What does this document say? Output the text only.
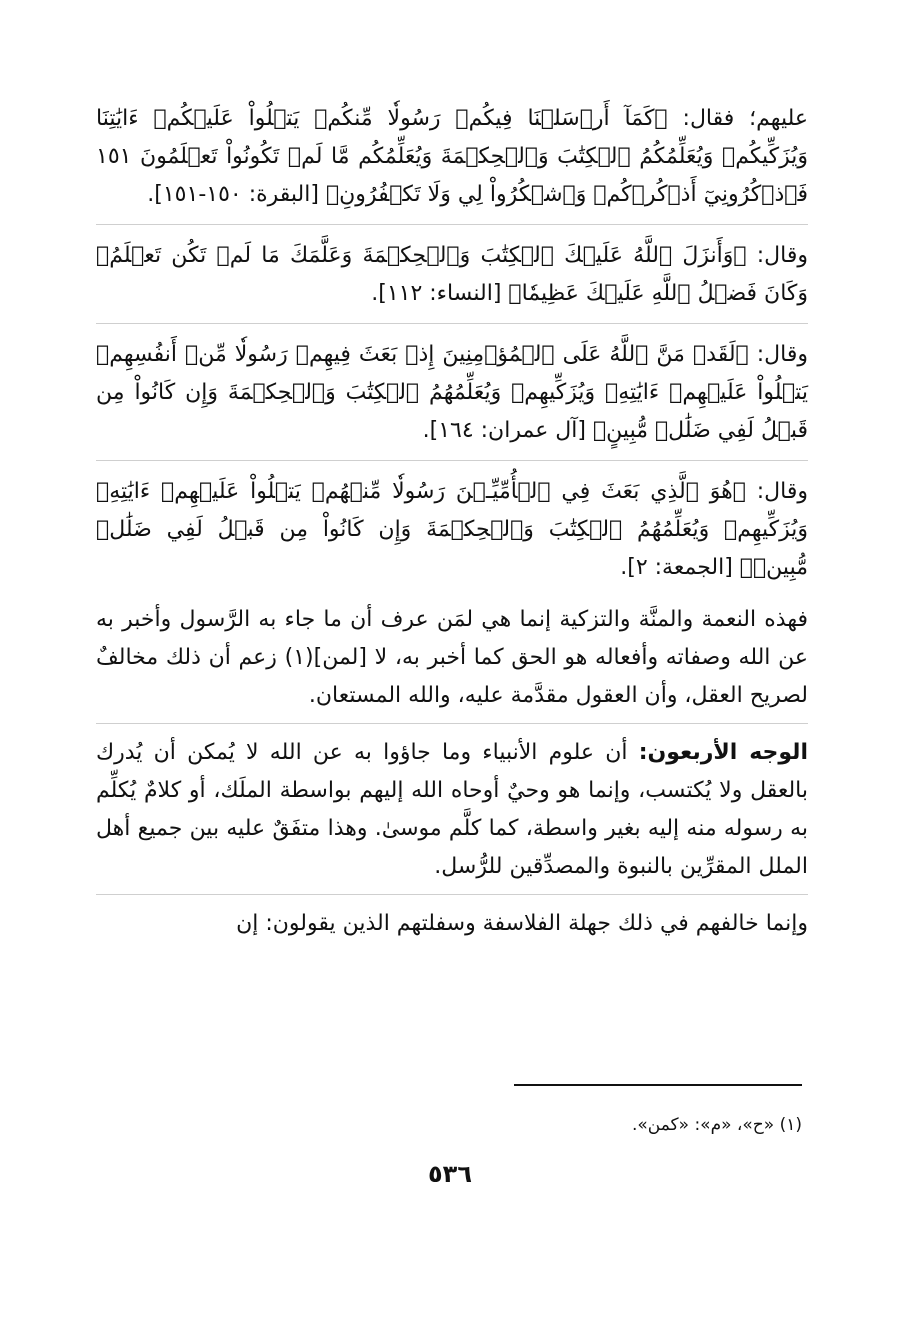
عليهم؛ فقال: ﴿كَمَآ أَرۡسَلۡنَا فِيكُمۡ رَسُولٗا مِّنكُمۡ يَتۡلُواْ عَلَيۡكُمۡ ءَايَٰتِنَا وَيُزَكِّيكُمۡ وَيُعَلِّمُكُمُ ٱلۡكِتَٰبَ وَٱلۡحِكۡمَةَ وَيُعَلِّمُكُم مَّا لَمۡ تَكُونُواْ تَعۡلَمُونَ ١٥١ فَٱذۡكُرُونِيٓ أَذۡكُرۡكُمۡ وَٱشۡكُرُواْ لِي وَلَا تَكۡفُرُونِ﴾ [البقرة: ١٥٠-١٥١].

وقال: ﴿وَأَنزَلَ ٱللَّهُ عَلَيۡكَ ٱلۡكِتَٰبَ وَٱلۡحِكۡمَةَ وَعَلَّمَكَ مَا لَمۡ تَكُن تَعۡلَمُۚ وَكَانَ فَضۡلُ ٱللَّهِ عَلَيۡكَ عَظِيمٗا﴾ [النساء: ١١٢].

وقال: ﴿لَقَدۡ مَنَّ ٱللَّهُ عَلَى ٱلۡمُؤۡمِنِينَ إِذۡ بَعَثَ فِيهِمۡ رَسُولٗا مِّنۡ أَنفُسِهِمۡ يَتۡلُواْ عَلَيۡهِمۡ ءَايَٰتِهِۦ وَيُزَكِّيهِمۡ وَيُعَلِّمُهُمُ ٱلۡكِتَٰبَ وَٱلۡحِكۡمَةَ وَإِن كَانُواْ مِن قَبۡلُ لَفِي ضَلَٰلٖ مُّبِينٍ﴾ [آل عمران: ١٦٤].

وقال: ﴿هُوَ ٱلَّذِي بَعَثَ فِي ٱلۡأُمِّيِّـۧنَ رَسُولٗا مِّنۡهُمۡ يَتۡلُواْ عَلَيۡهِمۡ ءَايَٰتِهِۦ وَيُزَكِّيهِمۡ وَيُعَلِّمُهُمُ ٱلۡكِتَٰبَ وَٱلۡحِكۡمَةَ وَإِن كَانُواْ مِن قَبۡلُ لَفِي ضَلَٰلٖ مُّبِينٖ﴾ [الجمعة: ٢].

فهذه النعمة والمنَّة والتزكية إنما هي لمَن عرف أن ما جاء به الرَّسول وأخبر به عن الله وصفاته وأفعاله هو الحق كما أخبر به، لا [لمن](١) زعم أن ذلك مخالفٌ لصريح العقل، وأن العقول مقدَّمة عليه، والله المستعان.

الوجه الأربعون: أن علوم الأنبياء وما جاؤوا به عن الله لا يُمكن أن يُدرك بالعقل ولا يُكتسب، وإنما هو وحيٌ أوحاه الله إليهم بواسطة الملَك، أو كلامٌ يُكلِّم به رسوله منه إليه بغير واسطة، كما كلَّم موسىٰ. وهذا متفَقٌ عليه بين جميع أهل الملل المقرِّين بالنبوة والمصدِّقين للرُّسل.

وإنما خالفهم في ذلك جهلة الفلاسفة وسفلتهم الذين يقولون: إن

(١) «ح»، «م»: «كمن».
٥٣٦
